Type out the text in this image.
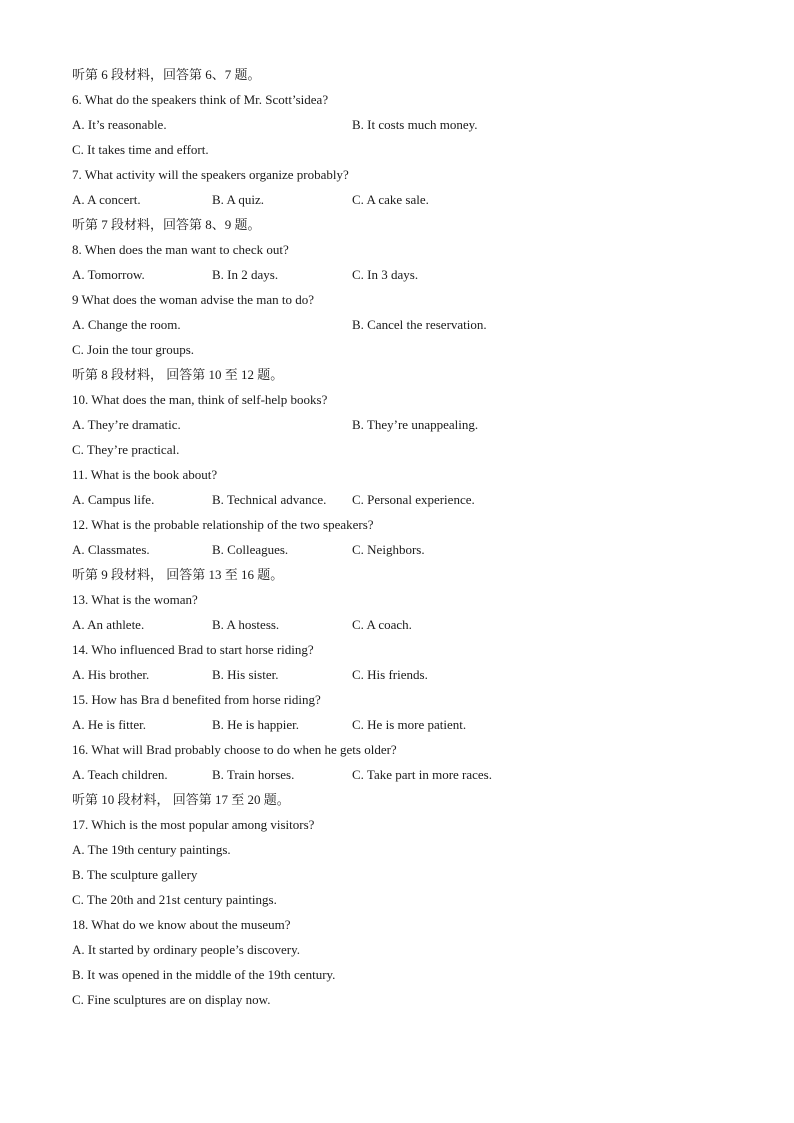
听第 6 段材料，回答第 6、7 题。
6. What do the speakers think of Mr. Scott’sidea?
A. It’s reasonable.	B. It costs much money.
C. It takes time and effort.
7. What activity will the speakers organize probably?
A. A concert.	B. A quiz.	C. A cake sale.
听第 7 段材料，回答第 8、9 题。
8. When does the man want to check out?
A. Tomorrow.	B. In 2 days.	C. In 3 days.
9 What does the woman advise the man to do?
A. Change the room.	B. Cancel the reservation.
C. Join the tour groups.
听第 8 段材料， 回答第 10 至 12 题。
10. What does the man, think of self-help books?
A. They’re dramatic.	B. They’re unappealing.
C. They’re practical.
11. What is the book about?
A. Campus life.	B. Technical advance. C. Personal experience.
12. What is the probable relationship of the two speakers?
A. Classmates.	B. Colleagues.	C. Neighbors.
听第 9 段材料， 回答第 13 至 16 题。
13. What is the woman?
A. An athlete.	B. A hostess.	C. A coach.
14. Who influenced Brad to start horse riding?
A. His brother.	B. His sister.	C. His friends.
15. How has Bra d benefited from horse riding?
A. He is fitter.	B. He is happier.	C. He is more patient.
16. What will Brad probably choose to do when he gets older?
A. Teach children.	B. Train horses.	C. Take part in more races.
听第 10 段材料， 回答第 17 至 20 题。
17. Which is the most popular among visitors?
A. The 19th century paintings.
B. The sculpture gallery
C. The 20th and 21st century paintings.
18. What do we know about the museum?
A. It started by ordinary people’s discovery.
B. It was opened in the middle of the 19th century.
C. Fine sculptures are on display now.
